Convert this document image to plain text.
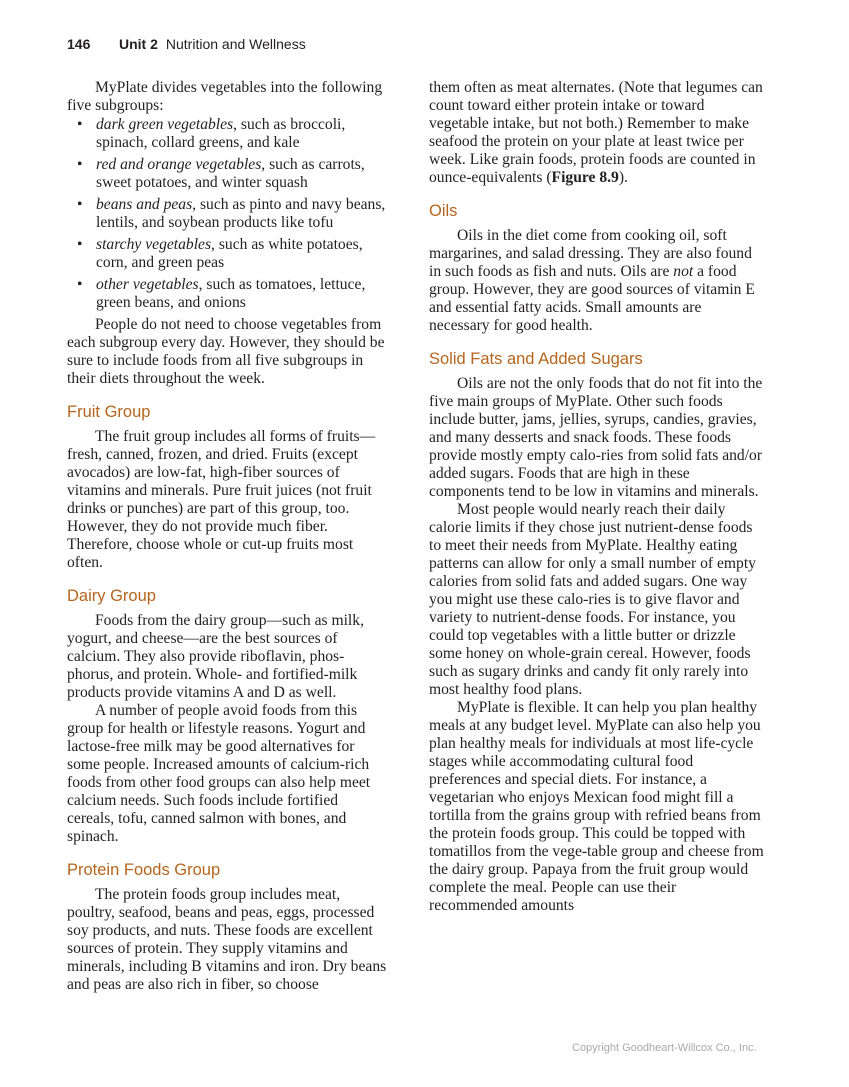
146 Unit 2 Nutrition and Wellness

MyPlate divides vegetables into the following five subgroups:

• dark green vegetables, such as broccoli, spinach, collard greens, and kale
• red and orange vegetables, such as carrots, sweet potatoes, and winter squash
• beans and peas, such as pinto and navy beans, lentils, and soybean products like tofu
• starchy vegetables, such as white potatoes, corn, and green peas
• other vegetables, such as tomatoes, lettuce, green beans, and onions

People do not need to choose vegetables from each subgroup every day. However, they should be sure to include foods from all five subgroups in their diets throughout the week.

Fruit Group

The fruit group includes all forms of fruits—fresh, canned, frozen, and dried. Fruits (except avocados) are low-fat, high-fiber sources of vitamins and minerals. Pure fruit juices (not fruit drinks or punches) are part of this group, too. However, they do not provide much fiber. Therefore, choose whole or cut-up fruits most often.

Dairy Group

Foods from the dairy group—such as milk, yogurt, and cheese—are the best sources of calcium. They also provide riboflavin, phos-phorus, and protein. Whole- and fortified-milk products provide vitamins A and D as well.

A number of people avoid foods from this group for health or lifestyle reasons. Yogurt and lactose-free milk may be good alternatives for some people. Increased amounts of calcium-rich foods from other food groups can also help meet calcium needs. Such foods include fortified cereals, tofu, canned salmon with bones, and spinach.

Protein Foods Group

The protein foods group includes meat, poultry, seafood, beans and peas, eggs, processed soy products, and nuts. These foods are excellent sources of protein. They supply vitamins and minerals, including B vitamins and iron. Dry beans and peas are also rich in fiber, so choose

them often as meat alternates. (Note that legumes can count toward either protein intake or toward vegetable intake, but not both.) Remember to make seafood the protein on your plate at least twice per week. Like grain foods, protein foods are counted in ounce-equivalents (Figure 8.9).

Oils

Oils in the diet come from cooking oil, soft margarines, and salad dressing. They are also found in such foods as fish and nuts. Oils are not a food group. However, they are good sources of vitamin E and essential fatty acids. Small amounts are necessary for good health.

Solid Fats and Added Sugars

Oils are not the only foods that do not fit into the five main groups of MyPlate. Other such foods include butter, jams, jellies, syrups, candies, gravies, and many desserts and snack foods. These foods provide mostly empty calo-ries from solid fats and/or added sugars. Foods that are high in these components tend to be low in vitamins and minerals.

Most people would nearly reach their daily calorie limits if they chose just nutrient-dense foods to meet their needs from MyPlate. Healthy eating patterns can allow for only a small number of empty calories from solid fats and added sugars. One way you might use these calo-ries is to give flavor and variety to nutrient-dense foods. For instance, you could top vegetables with a little butter or drizzle some honey on whole-grain cereal. However, foods such as sugary drinks and candy fit only rarely into most healthy food plans.

MyPlate is flexible. It can help you plan healthy meals at any budget level. MyPlate can also help you plan healthy meals for individuals at most life-cycle stages while accommodating cultural food preferences and special diets. For instance, a vegetarian who enjoys Mexican food might fill a tortilla from the grains group with refried beans from the protein foods group. This could be topped with tomatillos from the vege-table group and cheese from the dairy group. Papaya from the fruit group would complete the meal. People can use their recommended amounts

Copyright Goodheart-Willcox Co., Inc.
